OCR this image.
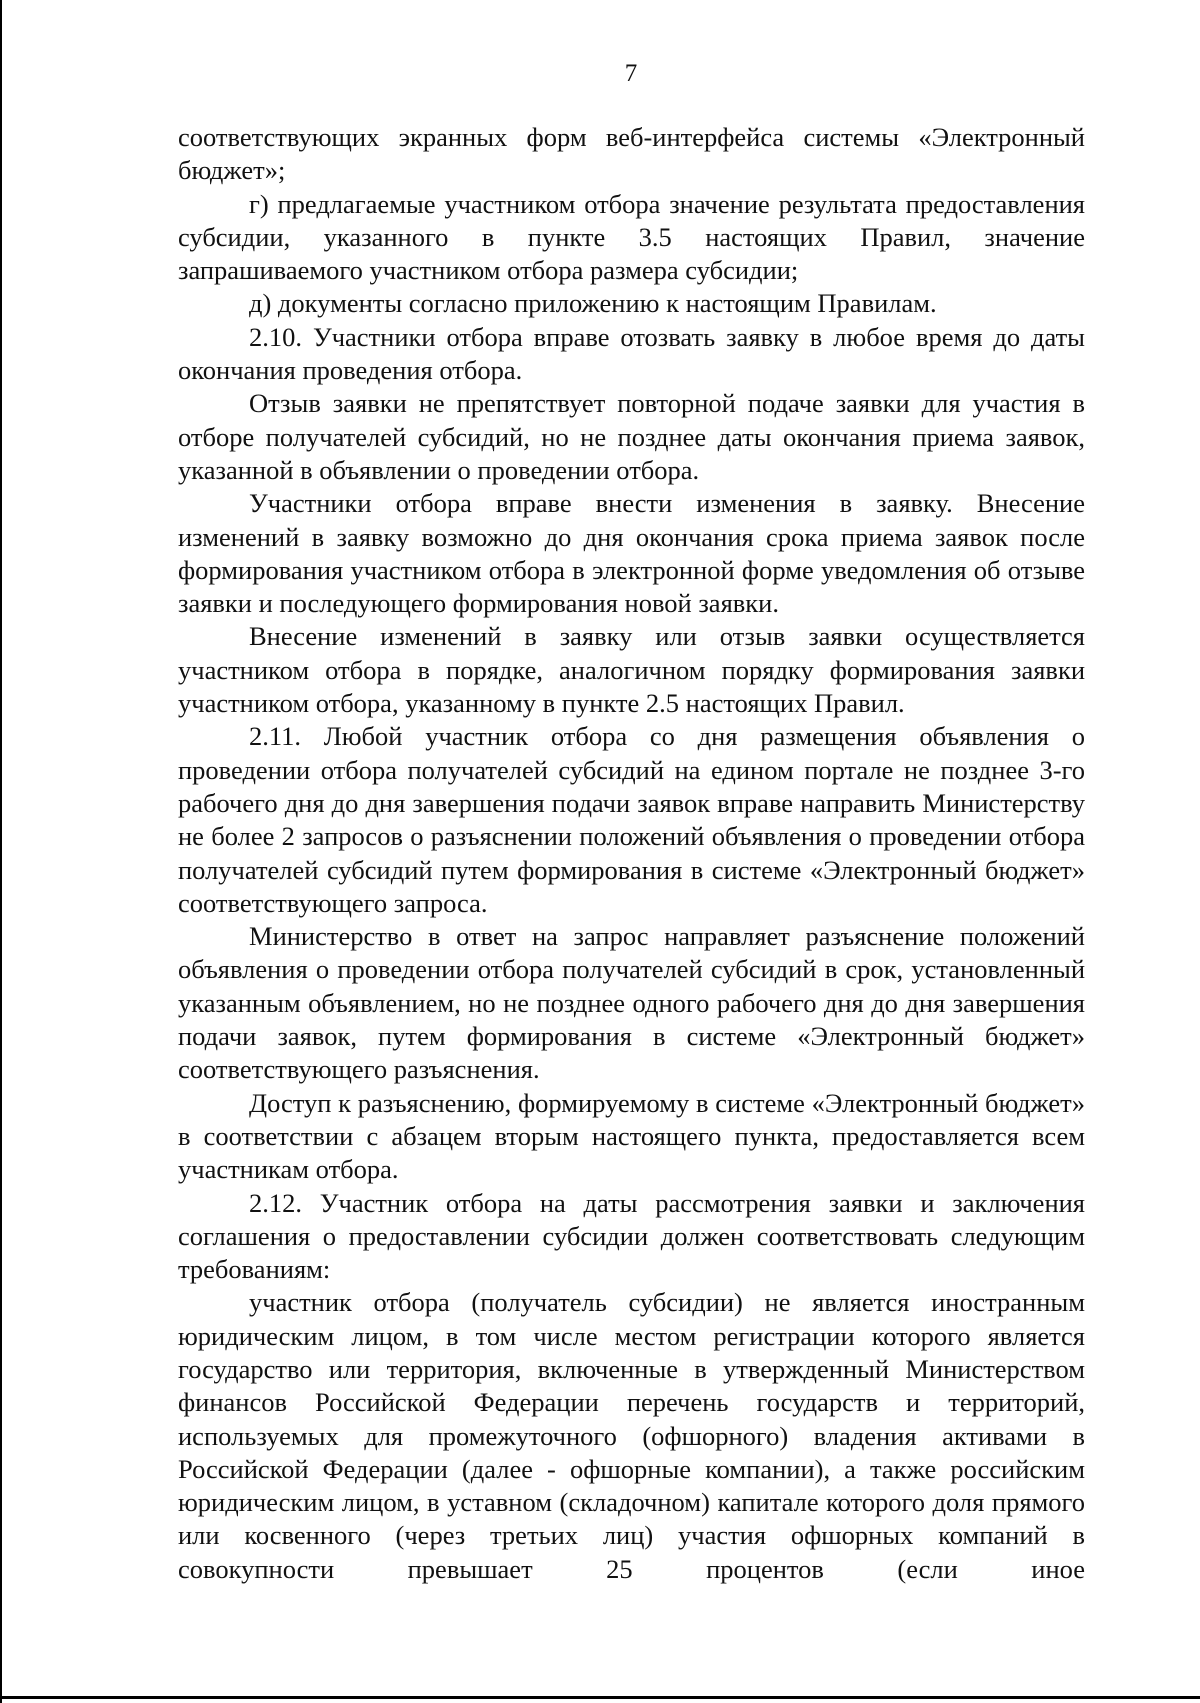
7

соответствующих экранных форм веб-интерфейса системы «Электронный бюджет»;

г) предлагаемые участником отбора значение результата предоставления субсидии, указанного в пункте 3.5 настоящих Правил, значение запрашиваемого участником отбора размера субсидии;

д) документы согласно приложению к настоящим Правилам.

2.10. Участники отбора вправе отозвать заявку в любое время до даты окончания проведения отбора.

Отзыв заявки не препятствует повторной подаче заявки для участия в отборе получателей субсидий, но не позднее даты окончания приема заявок, указанной в объявлении о проведении отбора.

Участники отбора вправе внести изменения в заявку. Внесение изменений в заявку возможно до дня окончания срока приема заявок после формирования участником отбора в электронной форме уведомления об отзыве заявки и последующего формирования новой заявки.

Внесение изменений в заявку или отзыв заявки осуществляется участником отбора в порядке, аналогичном порядку формирования заявки участником отбора, указанному в пункте 2.5 настоящих Правил.

2.11. Любой участник отбора со дня размещения объявления о проведении отбора получателей субсидий на едином портале не позднее 3-го рабочего дня до дня завершения подачи заявок вправе направить Министерству не более 2 запросов о разъяснении положений объявления о проведении отбора получателей субсидий путем формирования в системе «Электронный бюджет» соответствующего запроса.

Министерство в ответ на запрос направляет разъяснение положений объявления о проведении отбора получателей субсидий в срок, установленный указанным объявлением, но не позднее одного рабочего дня до дня завершения подачи заявок, путем формирования в системе «Электронный бюджет» соответствующего разъяснения.

Доступ к разъяснению, формируемому в системе «Электронный бюджет» в соответствии с абзацем вторым настоящего пункта, предоставляется всем участникам отбора.

2.12. Участник отбора на даты рассмотрения заявки и заключения соглашения о предоставлении субсидии должен соответствовать следующим требованиям:

участник отбора (получатель субсидии) не является иностранным юридическим лицом, в том числе местом регистрации которого является государство или территория, включенные в утвержденный Министерством финансов Российской Федерации перечень государств и территорий, используемых для промежуточного (офшорного) владения активами в Российской Федерации (далее - офшорные компании), а также российским юридическим лицом, в уставном (складочном) капитале которого доля прямого или косвенного (через третьих лиц) участия офшорных компаний в совокупности превышает 25 процентов (если иное
